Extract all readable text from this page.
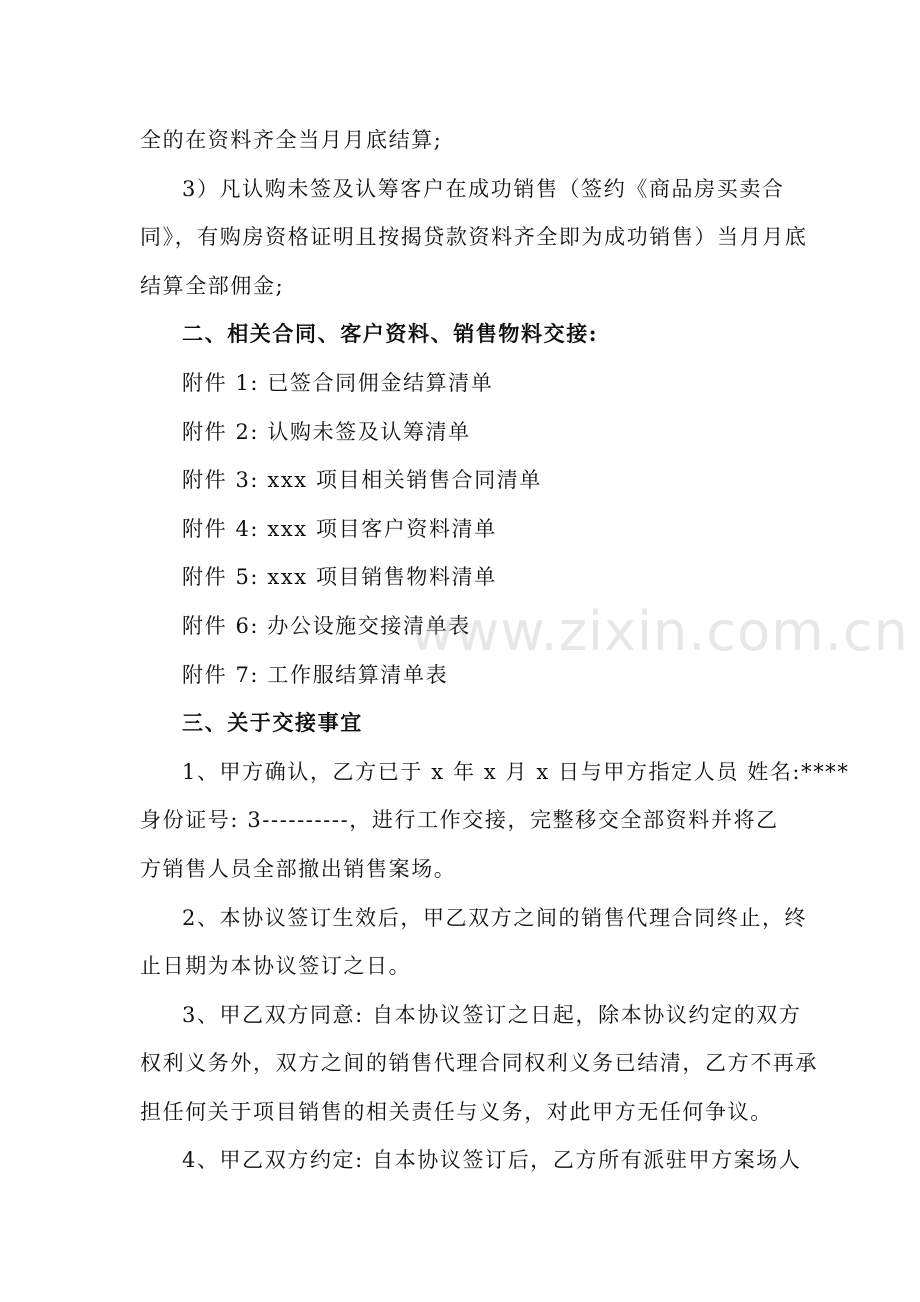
全的在资料齐全当月月底结算;

3）凡认购未签及认筹客户在成功销售（签约《商品房买卖合

同》，有购房资格证明且按揭贷款资料齐全即为成功销售）当月月底

结算全部佣金;

二、相关合同、客户资料、销售物料交接:

附件 1: 已签合同佣金结算清单

附件 2: 认购未签及认筹清单

附件 3: xxx 项目相关销售合同清单

附件 4: xxx 项目客户资料清单

附件 5: xxx 项目销售物料清单

附件 6: 办公设施交接清单表

附件 7: 工作服结算清单表

三、关于交接事宜

1、甲方确认，乙方已于 x 年 x 月 x 日与甲方指定人员 姓名:****

身份证号: 3----------，进行工作交接，完整移交全部资料并将乙

方销售人员全部撤出销售案场。

2、本协议签订生效后，甲乙双方之间的销售代理合同终止，终

止日期为本协议签订之日。

3、甲乙双方同意: 自本协议签订之日起，除本协议约定的双方

权利义务外，双方之间的销售代理合同权利义务已结清，乙方不再承

担任何关于项目销售的相关责任与义务，对此甲方无任何争议。

4、甲乙双方约定: 自本协议签订后，乙方所有派驻甲方案场人

www.zixin.com.cn
